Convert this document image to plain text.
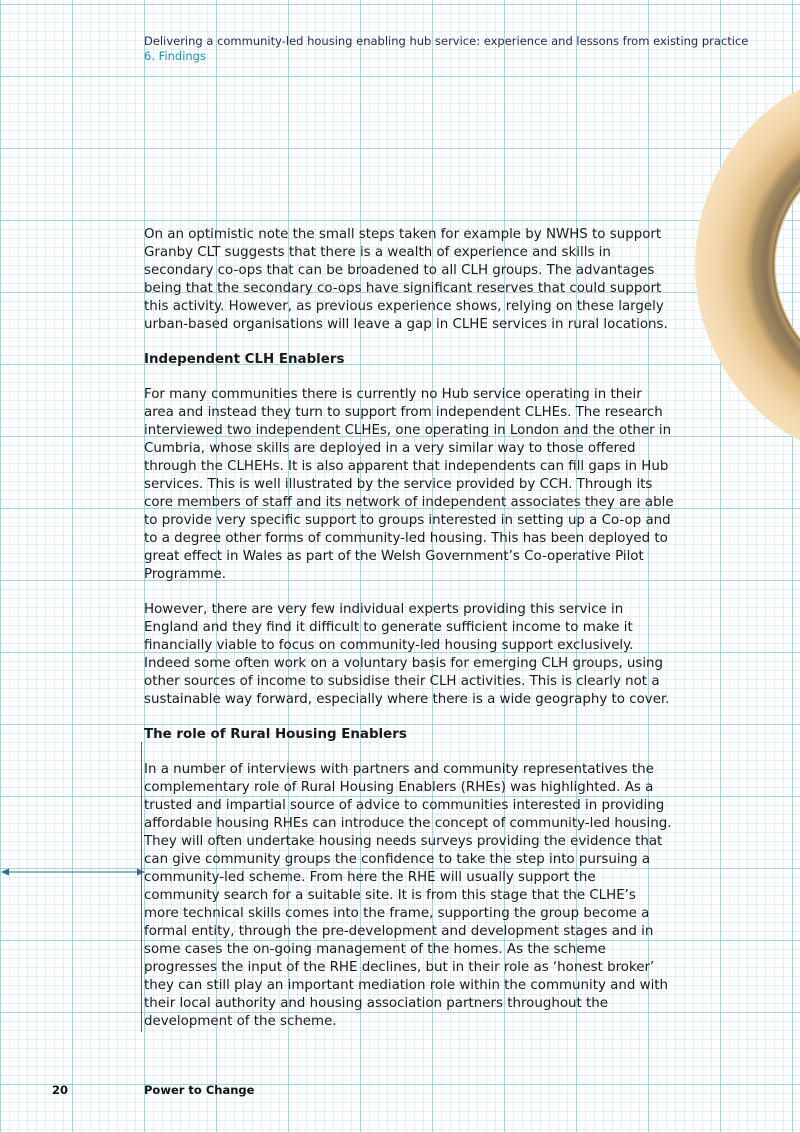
Delivering a community-led housing enabling hub service: experience and lessons from existing practice
6. Findings

On an optimistic note the small steps taken for example by NWHS to support Granby CLT suggests that there is a wealth of experience and skills in secondary co-ops that can be broadened to all CLH groups. The advantages being that the secondary co-ops have significant reserves that could support this activity. However, as previous experience shows, relying on these largely urban-based organisations will leave a gap in CLHE services in rural locations.

Independent CLH Enablers

For many communities there is currently no Hub service operating in their area and instead they turn to support from independent CLHEs. The research interviewed two independent CLHEs, one operating in London and the other in Cumbria, whose skills are deployed in a very similar way to those offered through the CLHEHs. It is also apparent that independents can fill gaps in Hub services. This is well illustrated by the service provided by CCH. Through its core members of staff and its network of independent associates they are able to provide very specific support to groups interested in setting up a Co-op and to a degree other forms of community-led housing. This has been deployed to great effect in Wales as part of the Welsh Government’s Co-operative Pilot Programme.

However, there are very few individual experts providing this service in England and they find it difficult to generate sufficient income to make it financially viable to focus on community-led housing support exclusively. Indeed some often work on a voluntary basis for emerging CLH groups, using other sources of income to subsidise their CLH activities. This is clearly not a sustainable way forward, especially where there is a wide geography to cover.

The role of Rural Housing Enablers

In a number of interviews with partners and community representatives the complementary role of Rural Housing Enablers (RHEs) was highlighted. As a trusted and impartial source of advice to communities interested in providing affordable housing RHEs can introduce the concept of community-led housing. They will often undertake housing needs surveys providing the evidence that can give community groups the confidence to take the step into pursuing a community-led scheme. From here the RHE will usually support the community search for a suitable site. It is from this stage that the CLHE’s more technical skills comes into the frame, supporting the group become a formal entity, through the pre-development and development stages and in some cases the on-going management of the homes. As the scheme progresses the input of the RHE declines, but in their role as ‘honest broker’ they can still play an important mediation role within the community and with their local authority and housing association partners throughout the development of the scheme.

20	Power to Change
